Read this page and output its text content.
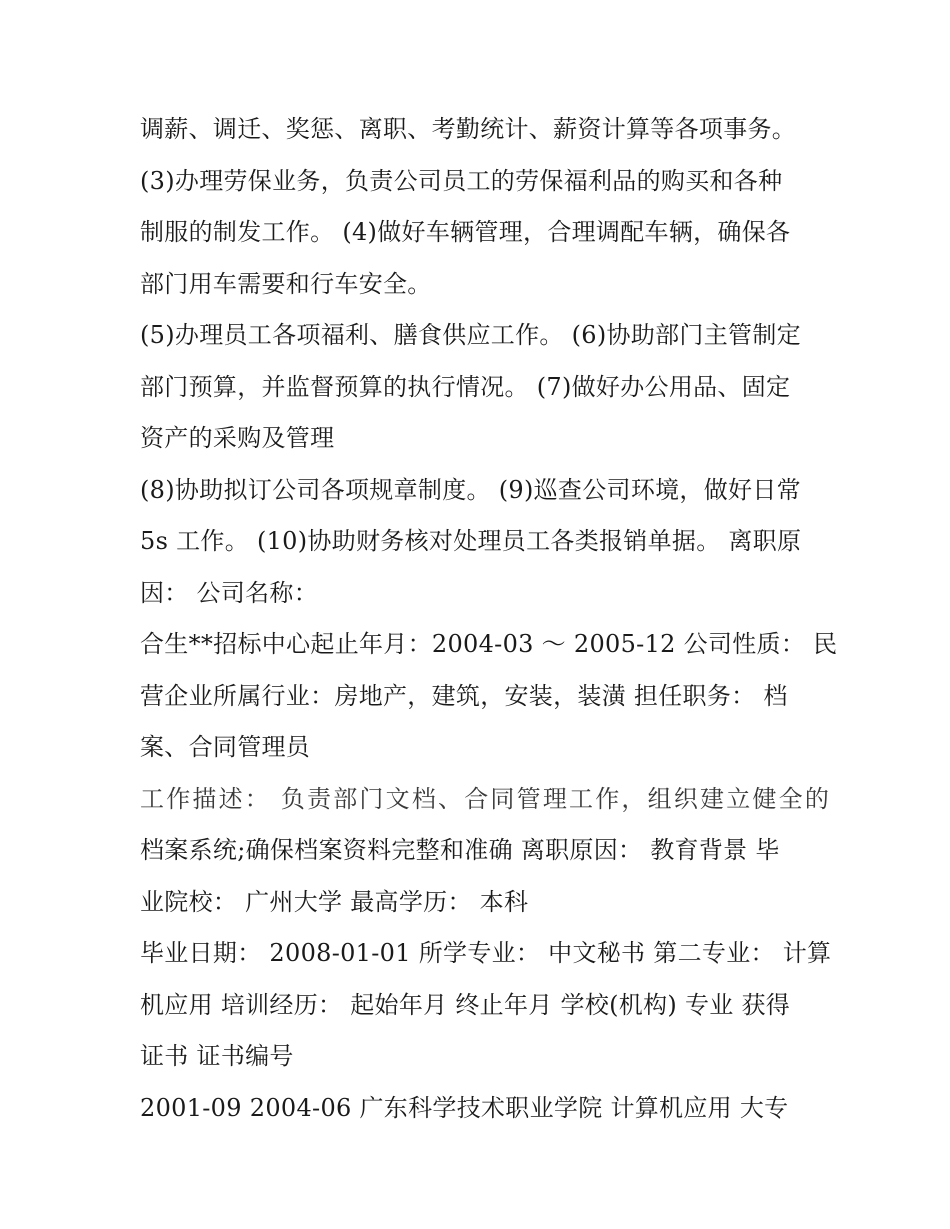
调薪、调迁、奖惩、离职、考勤统计、薪资计算等各项事务。

(3)办理劳保业务，负责公司员工的劳保福利品的购买和各种

制服的制发工作。 (4)做好车辆管理，合理调配车辆，确保各

部门用车需要和行车安全。

(5)办理员工各项福利、膳食供应工作。 (6)协助部门主管制定

部门预算，并监督预算的执行情况。 (7)做好办公用品、固定

资产的采购及管理

(8)协助拟订公司各项规章制度。 (9)巡查公司环境，做好日常

5s 工作。 (10)协助财务核对处理员工各类报销单据。 离职原

因： 公司名称：

合生**招标中心起止年月：2004-03 ～ 2005-12 公司性质： 民

营企业所属行业：房地产，建筑，安装，装潢 担任职务： 档

案、合同管理员

工作描述： 负责部门文档、合同管理工作，组织建立健全的

档案系统;确保档案资料完整和准确 离职原因： 教育背景 毕

业院校： 广州大学 最高学历： 本科

毕业日期： 2008-01-01 所学专业： 中文秘书 第二专业： 计算

机应用 培训经历： 起始年月 终止年月 学校(机构) 专业 获得

证书 证书编号

2001-09 2004-06 广东科学技术职业学院 计算机应用 大专
